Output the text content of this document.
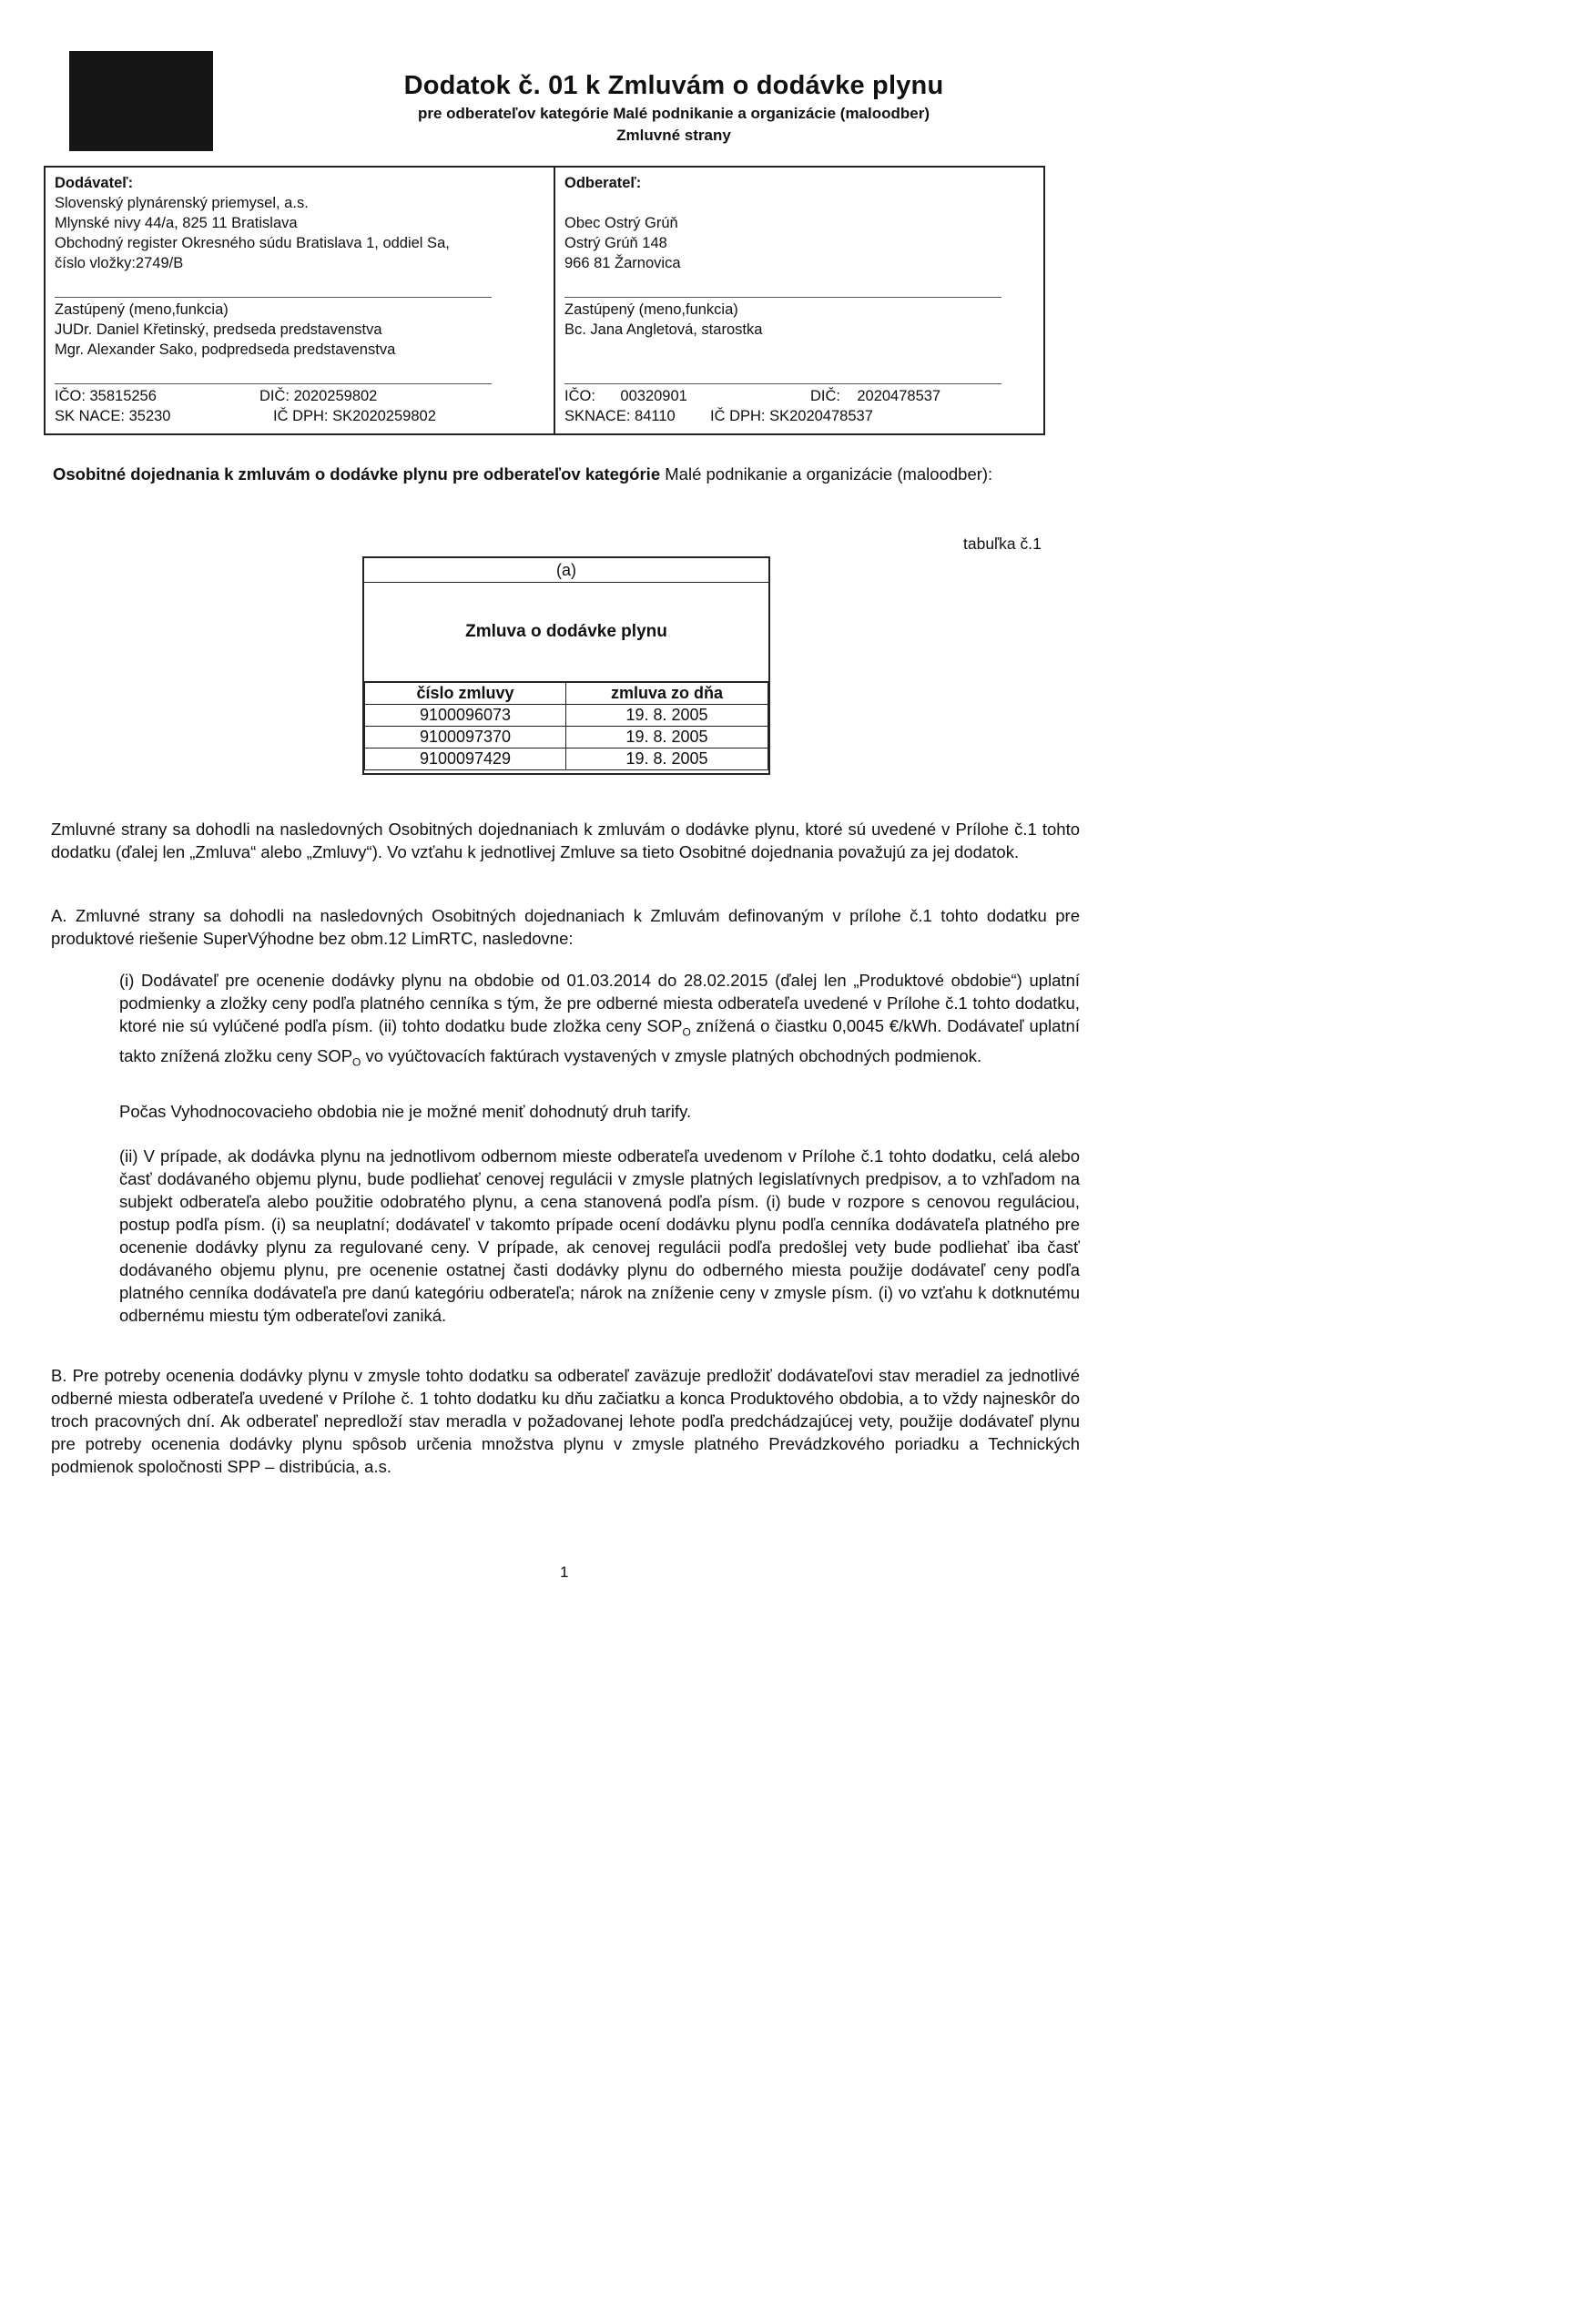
Dodatok č. 01 k Zmluvám o dodávke plynu
pre odberateľov kategórie Malé podnikanie a organizácie (maloodber)
Zmluvné strany
Dodávateľ:
Slovenský plynárenský priemysel, a.s.
Mlynské nivy 44/a, 825 11 Bratislava
Obchodný register Okresného súdu Bratislava 1, oddiel Sa,
číslo vložky:2749/B
Zastúpený (meno,funkcia)
JUDr. Daniel Křetinský, predseda predstavenstva
Mgr. Alexander Sako, podpredseda predstavenstva
IČO: 35815256	DIČ: 2020259802
SK NACE: 35230	IČ DPH: SK2020259802
Odberateľ:
Obec Ostrý Grúň
Ostrý Grúň 148
966 81 Žarnovica
Zastúpený (meno,funkcia)
Bc. Jana Angletová, starostka
IČO:      00320901	DIČ:    2020478537
SKNACE: 84110	IČ DPH: SK2020478537
Osobitné dojednania k zmluvám o dodávke plynu pre odberateľov kategórie Malé podnikanie a organizácie (maloodber):
tabuľka č.1
(a)
Zmluva o dodávke plynu
číslo zmluvy	zmluva zo dňa
9100096073	19. 8. 2005
9100097370	19. 8. 2005
9100097429	19. 8. 2005
Zmluvné strany sa dohodli na nasledovných Osobitných dojednaniach k zmluvám o dodávke plynu, ktoré sú uvedené v Prílohe č.1 tohto dodatku (ďalej len „Zmluva“ alebo „Zmluvy“). Vo vzťahu k jednotlivej Zmluve sa tieto Osobitné dojednania považujú za jej dodatok.
A. Zmluvné strany sa dohodli na nasledovných Osobitných dojednaniach k Zmluvám definovaným v prílohe č.1 tohto dodatku pre produktové riešenie SuperVýhodne bez obm.12 LimRTC, nasledovne:
(i) Dodávateľ pre ocenenie dodávky plynu na obdobie od 01.03.2014 do 28.02.2015 (ďalej len „Produktové obdobie“) uplatní podmienky a zložky ceny podľa platného cenníka s tým, že pre odberné miesta odberateľa uvedené v Prílohe č.1 tohto dodatku, ktoré nie sú vylúčené podľa písm. (ii) tohto dodatku bude zložka ceny $SOP_O$ znížená o čiastku 0,0045 €/kWh. Dodávateľ uplatní takto znížená zložku ceny $SOP_O$ vo vyúčtovacích faktúrach vystavených v zmysle platných obchodných podmienok.
Počas Vyhodnocovacieho obdobia nie je možné meniť dohodnutý druh tarify.
(ii) V prípade, ak dodávka plynu na jednotlivom odbernom mieste odberateľa uvedenom v Prílohe č.1 tohto dodatku, celá alebo časť dodávaného objemu plynu, bude podliehať cenovej regulácii v zmysle platných legislatívnych predpisov, a to vzhľadom na subjekt odberateľa alebo použitie odobratého plynu, a cena stanovená podľa písm. (i) bude v rozpore s cenovou reguláciou, postup podľa písm. (i) sa neuplatní; dodávateľ v takomto prípade ocení dodávku plynu podľa cenníka dodávateľa platného pre ocenenie dodávky plynu za regulované ceny. V prípade, ak cenovej regulácii podľa predošlej vety bude podliehať iba časť dodávaného objemu plynu, pre ocenenie ostatnej časti dodávky plynu do odberného miesta použije dodávateľ ceny podľa platného cenníka dodávateľa pre danú kategóriu odberateľa; nárok na zníženie ceny v zmysle písm. (i) vo vzťahu k dotknutému odbernému miestu tým odberateľovi zaniká.
B. Pre potreby ocenenia dodávky plynu v zmysle tohto dodatku sa odberateľ zaväzuje predložiť dodávateľovi stav meradiel za jednotlivé odberné miesta odberateľa uvedené v Prílohe č. 1 tohto dodatku ku dňu začiatku a konca Produktového obdobia, a to vždy najneskôr do troch pracovných dní. Ak odberateľ nepredloží stav meradla v požadovanej lehote podľa predchádzajúcej vety, použije dodávateľ plynu pre potreby ocenenia dodávky plynu spôsob určenia množstva plynu v zmysle platného Prevádzkového poriadku a Technických podmienok spoločnosti SPP – distribúcia, a.s.
1
